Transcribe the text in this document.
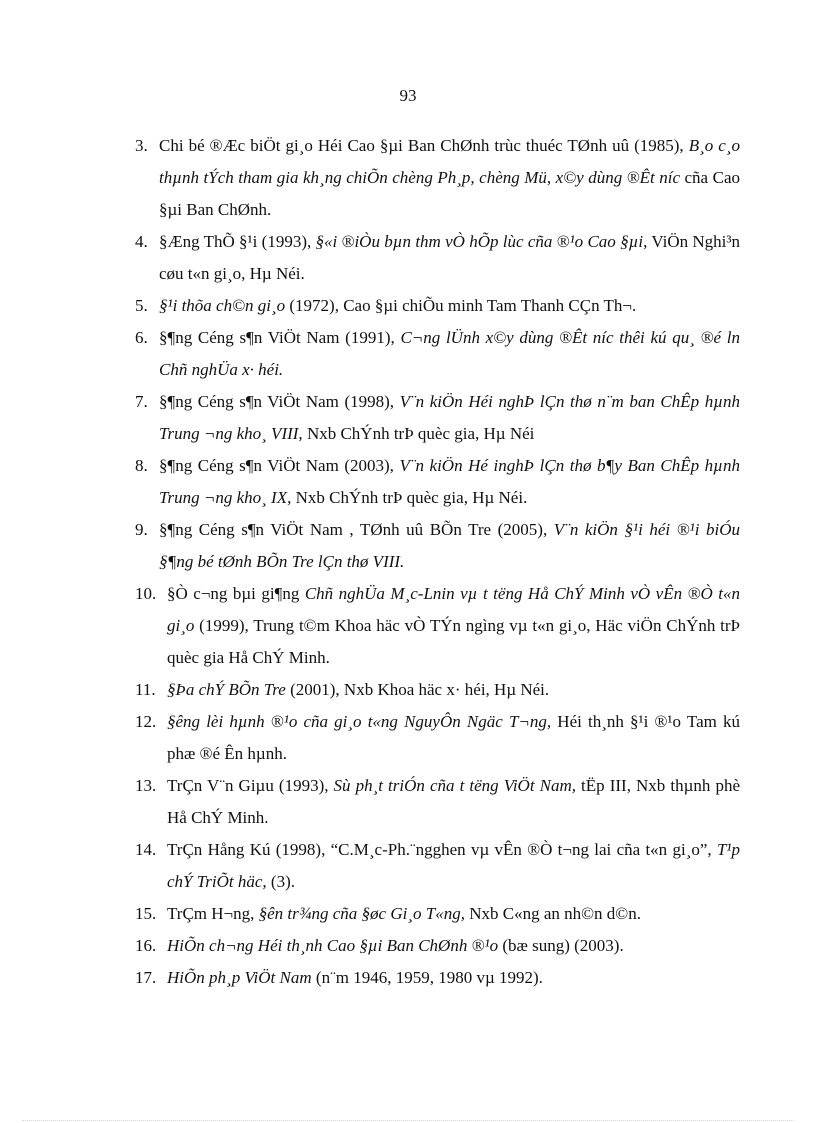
93
3. Chi bé ®Æc biÖt gi¸o Héi Cao §µi Ban ChØnh trùc thuéc TØnh uû (1985), B¸o c¸o thµnh tÝch tham gia kh¸ng chiÕn chèng Ph¸p, chèng Mü, x©y dùng ®Êt níc cña Cao §µi Ban ChØnh.
4. §Æng ThÕ §¹i (1993), §«i ®iÒu bµn thm vÒ hÕp lùc cña ®¹o Cao §µi, ViÖn Nghi³n cøu t«n gi¸o, Hµ Néi.
5. §¹i thõa ch©n gi¸o (1972), Cao §µi chiÕu minh Tam Thanh CÇn Th¬.
6. §¶ng Céng s¶n ViÖt Nam (1991), C¬ng lÜnh x©y dùng ®Êt níc thêi kú qu¸ ®é ln Chñ nghÜa x· héi.
7. §¶ng Céng s¶n ViÖt Nam (1998), V¨n kiÖn Héi nghÞ lÇn thø n¨m ban ChÊp hµnh Trung ¬ng kho¸ VIII, Nxb ChÝnh trÞ quèc gia, Hµ Néi
8. §¶ng Céng s¶n ViÖt Nam (2003), V¨n kiÖn Hé inghÞ lÇn thø b¶y Ban ChÊp hµnh Trung ¬ng kho¸ IX, Nxb ChÝnh trÞ quèc gia, Hµ Néi.
9. §¶ng Céng s¶n ViÖt Nam , TØnh uû BÕn Tre (2005), V¨n kiÖn §¹i héi ®¹i biÓu §¶ng bé tØnh BÕn Tre lÇn thø VIII.
10. §Ò c¬ng bµi gi¶ng Chñ nghÜa M¸c-Lnin vµ t tëng Hå ChÝ Minh vÒ vÊn ®Ò t«n gi¸o (1999), Trung t©m Khoa häc vÒ TÝn ngìng vµ t«n gi¸o, Häc viÖn ChÝnh trÞ quèc gia Hå ChÝ Minh.
11. §Þa chÝ BÕn Tre (2001), Nxb Khoa häc x· héi, Hµ Néi.
12. §êng lèi hµnh ®¹o cña gi¸o t«ng NguyÔn Ngäc T¬ng, Héi th¸nh §¹i ®¹o Tam kú phæ ®é Ên hµnh.
13. TrÇn V¨n Giµu (1993), Sù ph¸t triÓn cña t tëng ViÖt Nam, tËp III, Nxb thµnh phè Hå ChÝ Minh.
14. TrÇn Hång Kú (1998), “C.M¸c-Ph.¨ngghen vµ vÊn ®Ò t¬ng lai cña t«n gi¸o”, T¹p chÝ TriÕt häc, (3).
15. TrÇm H¬ng, §ên tr¾ng cña §øc Gi¸o T«ng, Nxb C«ng an nh©n d©n.
16. HiÕn ch¬ng Héi th¸nh Cao §µi Ban ChØnh ®¹o (bæ sung) (2003).
17. HiÕn ph¸p ViÖt Nam (n¨m 1946, 1959, 1980 vµ 1992).
